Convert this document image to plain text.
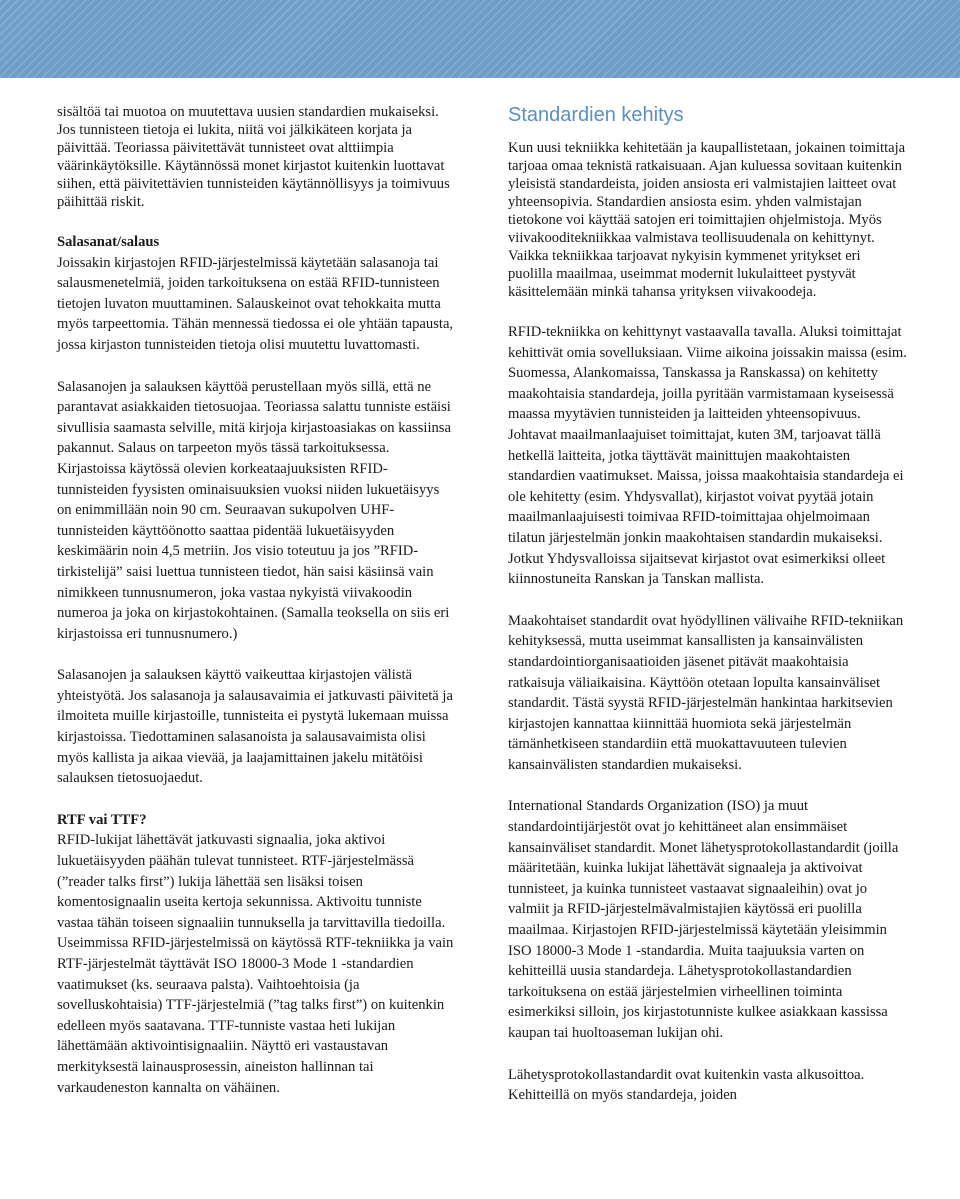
sisältöä tai muotoa on muutettava uusien standardien mukaiseksi. Jos tunnisteen tietoja ei lukita, niitä voi jälkikäteen korjata ja päivittää. Teoriassa päivitettävät tunnisteet ovat alttiimpia väärinkäytöksille. Käytännössä monet kirjastot kuitenkin luottavat siihen, että päivitettävien tunnisteiden käytännöllisyys ja toimivuus päihittää riskit.

Salasanat/salaus

Joissakin kirjastojen RFID-järjestelmissä käytetään salasanoja tai salausmenetelmiä, joiden tarkoituksena on estää RFID-tunnisteen tietojen luvaton muuttaminen. Salauskeinot ovat tehokkaita mutta myös tarpeettomia. Tähän mennessä tiedossa ei ole yhtään tapausta, jossa kirjaston tunnisteiden tietoja olisi muutettu luvattomasti.

Salasanojen ja salauksen käyttöä perustellaan myös sillä, että ne parantavat asiakkaiden tietosuojaa. Teoriassa salattu tunniste estäisi sivullisia saamasta selville, mitä kirjoja kirjastoasiakas on kassiinsa pakannut. Salaus on tarpeeton myös tässä tarkoituksessa. Kirjastoissa käytössä olevien korkeataajuuksisten RFID-tunnisteiden fyysisten ominaisuuksien vuoksi niiden lukuetäisyys on enimmillään noin 90 cm. Seuraavan sukupolven UHF-tunnisteiden käyttöönotto saattaa pidentää lukuetäisyyden keskimäärin noin 4,5 metriin. Jos visio toteutuu ja jos ”RFID-tirkistelijä” saisi luettua tunnisteen tiedot, hän saisi käsiinsä vain nimikkeen tunnusnumeron, joka vastaa nykyistä viivakoodin numeroa ja joka on kirjastokohtainen. (Samalla teoksella on siis eri kirjastoissa eri tunnusnumero.)

Salasanojen ja salauksen käyttö vaikeuttaa kirjastojen välistä yhteistyötä. Jos salasanoja ja salausavaimia ei jatkuvasti päivitetä ja ilmoiteta muille kirjastoille, tunnisteita ei pystytä lukemaan muissa kirjastoissa. Tiedottaminen salasanoista ja salausavaimista olisi myös kallista ja aikaa vievää, ja laajamittainen jakelu mitätöisi salauksen tietosuojaedut.

RTF vai TTF?

RFID-lukijat lähettävät jatkuvasti signaalia, joka aktivoi lukuetäisyyden päähän tulevat tunnisteet. RTF-järjestelmässä (”reader talks first”) lukija lähettää sen lisäksi toisen komentosignaalin useita kertoja sekunnissa. Aktivoitu tunniste vastaa tähän toiseen signaaliin tunnuksella ja tarvittavilla tiedoilla. Useimmissa RFID-järjestelmissä on käytössä RTF-tekniikka ja vain RTF-järjestelmät täyttävät ISO 18000-3 Mode 1 -standardien vaatimukset (ks. seuraava palsta). Vaihtoehtoisia (ja sovelluskohtaisia) TTF-järjestelmiä (”tag talks first”) on kuitenkin edelleen myös saatavana. TTF-tunniste vastaa heti lukijan lähettämään aktivointisignaaliin. Näyttö eri vastaustavan merkityksestä lainausprosessin, aineiston hallinnan tai varkaudeneston kannalta on vähäinen.

Standardien kehitys

Kun uusi tekniikka kehitetään ja kaupallistetaan, jokainen toimittaja tarjoaa omaa teknistä ratkaisuaan. Ajan kuluessa sovitaan kuitenkin yleisistä standardeista, joiden ansiosta eri valmistajien laitteet ovat yhteensopivia. Standardien ansiosta esim. yhden valmistajan tietokone voi käyttää satojen eri toimittajien ohjelmistoja. Myös viivakooditekniikkaa valmistava teollisuudenala on kehittynyt. Vaikka tekniikkaa tarjoavat nykyisin kymmenet yritykset eri puolilla maailmaa, useimmat modernit lukulaitteet pystyvät käsittelemään minkä tahansa yrityksen viivakoodeja.

RFID-tekniikka on kehittynyt vastaavalla tavalla. Aluksi toimittajat kehittivät omia sovelluksiaan. Viime aikoina joissakin maissa (esim. Suomessa, Alankomaissa, Tanskassa ja Ranskassa) on kehitetty maakohtaisia standardeja, joilla pyritään varmistamaan kyseisessä maassa myytävien tunnisteiden ja laitteiden yhteensopivuus. Johtavat maailmanlaajuiset toimittajat, kuten 3M, tarjoavat tällä hetkellä laitteita, jotka täyttävät mainittujen maakohtaisten standardien vaatimukset. Maissa, joissa maakohtaisia standardeja ei ole kehitetty (esim. Yhdysvallat), kirjastot voivat pyytää jotain maailmanlaajuisesti toimivaa RFID-toimittajaa ohjelmoimaan tilatun järjestelmän jonkin maakohtaisen standardin mukaiseksi. Jotkut Yhdysvalloissa sijaitsevat kirjastot ovat esimerkiksi olleet kiinnostuneita Ranskan ja Tanskan mallista.

Maakohtaiset standardit ovat hyödyllinen välivaihe RFID-tekniikan kehityksessä, mutta useimmat kansallisten ja kansainvälisten standardointiorganisaatioiden jäsenet pitävät maakohtaisia ratkaisuja väliaikaisina. Käyttöön otetaan lopulta kansainväliset standardit. Tästä syystä RFID-järjestelmän hankintaa harkitsevien kirjastojen kannattaa kiinnittää huomiota sekä järjestelmän tämänhetkiseen standardiin että muokattavuuteen tulevien kansainvälisten standardien mukaiseksi.

International Standards Organization (ISO) ja muut standardointijärjestöt ovat jo kehittäneet alan ensimmäiset kansainväliset standardit. Monet lähetysprotokollastandardit (joilla määritetään, kuinka lukijat lähettävät signaaleja ja aktivoivat tunnisteet, ja kuinka tunnisteet vastaavat signaaleihin) ovat jo valmiit ja RFID-järjestelmävalmistajien käytössä eri puolilla maailmaa. Kirjastojen RFID-järjestelmissä käytetään yleisimmin ISO 18000-3 Mode 1 -standardia. Muita taajuuksia varten on kehitteillä uusia standardeja. Lähetysprotokollastandardien tarkoituksena on estää järjestelmien virheellinen toiminta esimerkiksi silloin, jos kirjastotunniste kulkee asiakkaan kassissa kaupan tai huoltoaseman lukijan ohi.

Lähetysprotokollastandardit ovat kuitenkin vasta alkusoittoa. Kehitteillä on myös standardeja, joiden
